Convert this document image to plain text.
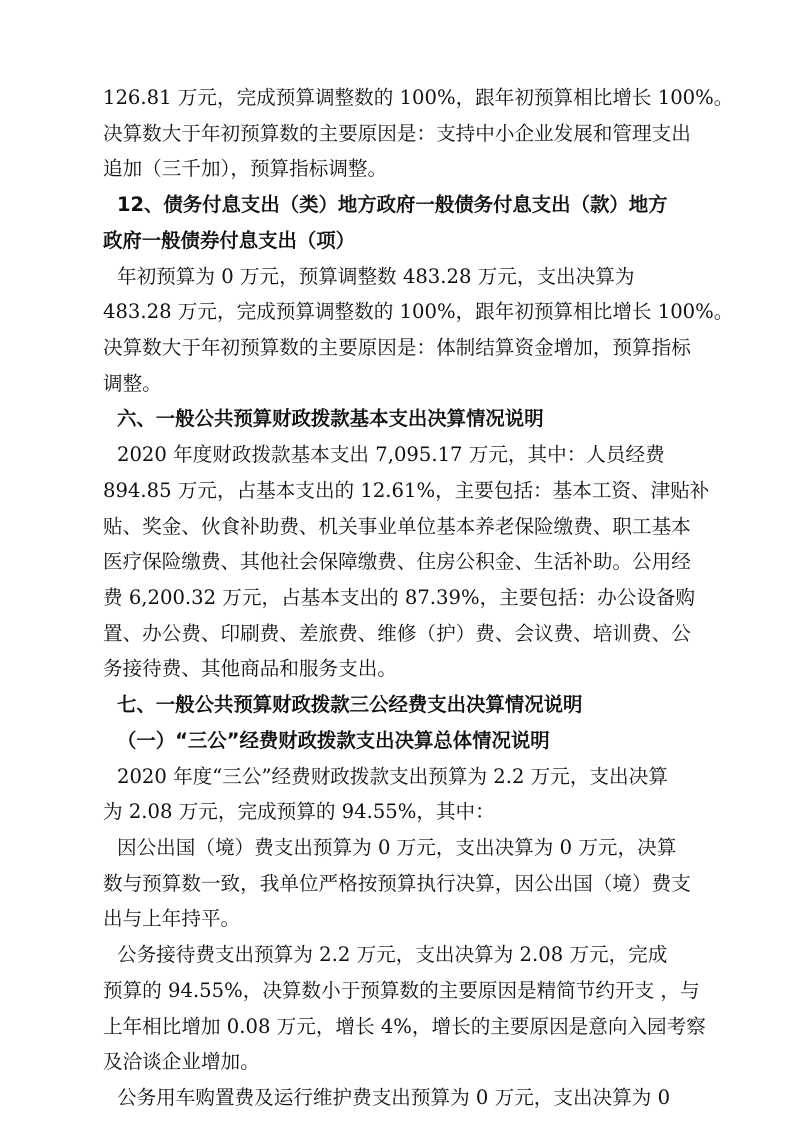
126.81 万元，完成预算调整数的 100%，跟年初预算相比增长 100%。
决算数大于年初预算数的主要原因是：支持中小企业发展和管理支出
追加（三千加），预算指标调整。
12、债务付息支出（类）地方政府一般债务付息支出（款）地方
政府一般债券付息支出（项）
年初预算为 0 万元，预算调整数 483.28 万元，支出决算为
483.28 万元，完成预算调整数的 100%，跟年初预算相比增长 100%。
决算数大于年初预算数的主要原因是：体制结算资金增加，预算指标
调整。
六、一般公共预算财政拨款基本支出决算情况说明
2020 年度财政拨款基本支出 7,095.17 万元，其中：人员经费
894.85 万元，占基本支出的 12.61%，主要包括：基本工资、津贴补
贴、奖金、伙食补助费、机关事业单位基本养老保险缴费、职工基本
医疗保险缴费、其他社会保障缴费、住房公积金、生活补助。公用经
费 6,200.32 万元，占基本支出的 87.39%，主要包括：办公设备购
置、办公费、印刷费、差旅费、维修（护）费、会议费、培训费、公
务接待费、其他商品和服务支出。
七、一般公共预算财政拨款三公经费支出决算情况说明
（一）“三公”经费财政拨款支出决算总体情况说明
2020 年度“三公”经费财政拨款支出预算为 2.2 万元，支出决算
为 2.08 万元，完成预算的 94.55%，其中：
因公出国（境）费支出预算为 0 万元，支出决算为 0 万元，决算
数与预算数一致，我单位严格按预算执行决算，因公出国（境）费支
出与上年持平。
公务接待费支出预算为 2.2 万元，支出决算为 2.08 万元，完成
预算的 94.55%，决算数小于预算数的主要原因是精简节约开支 ，与
上年相比增加 0.08 万元，增长 4%，增长的主要原因是意向入园考察
及洽谈企业增加。
公务用车购置费及运行维护费支出预算为 0 万元，支出决算为 0
